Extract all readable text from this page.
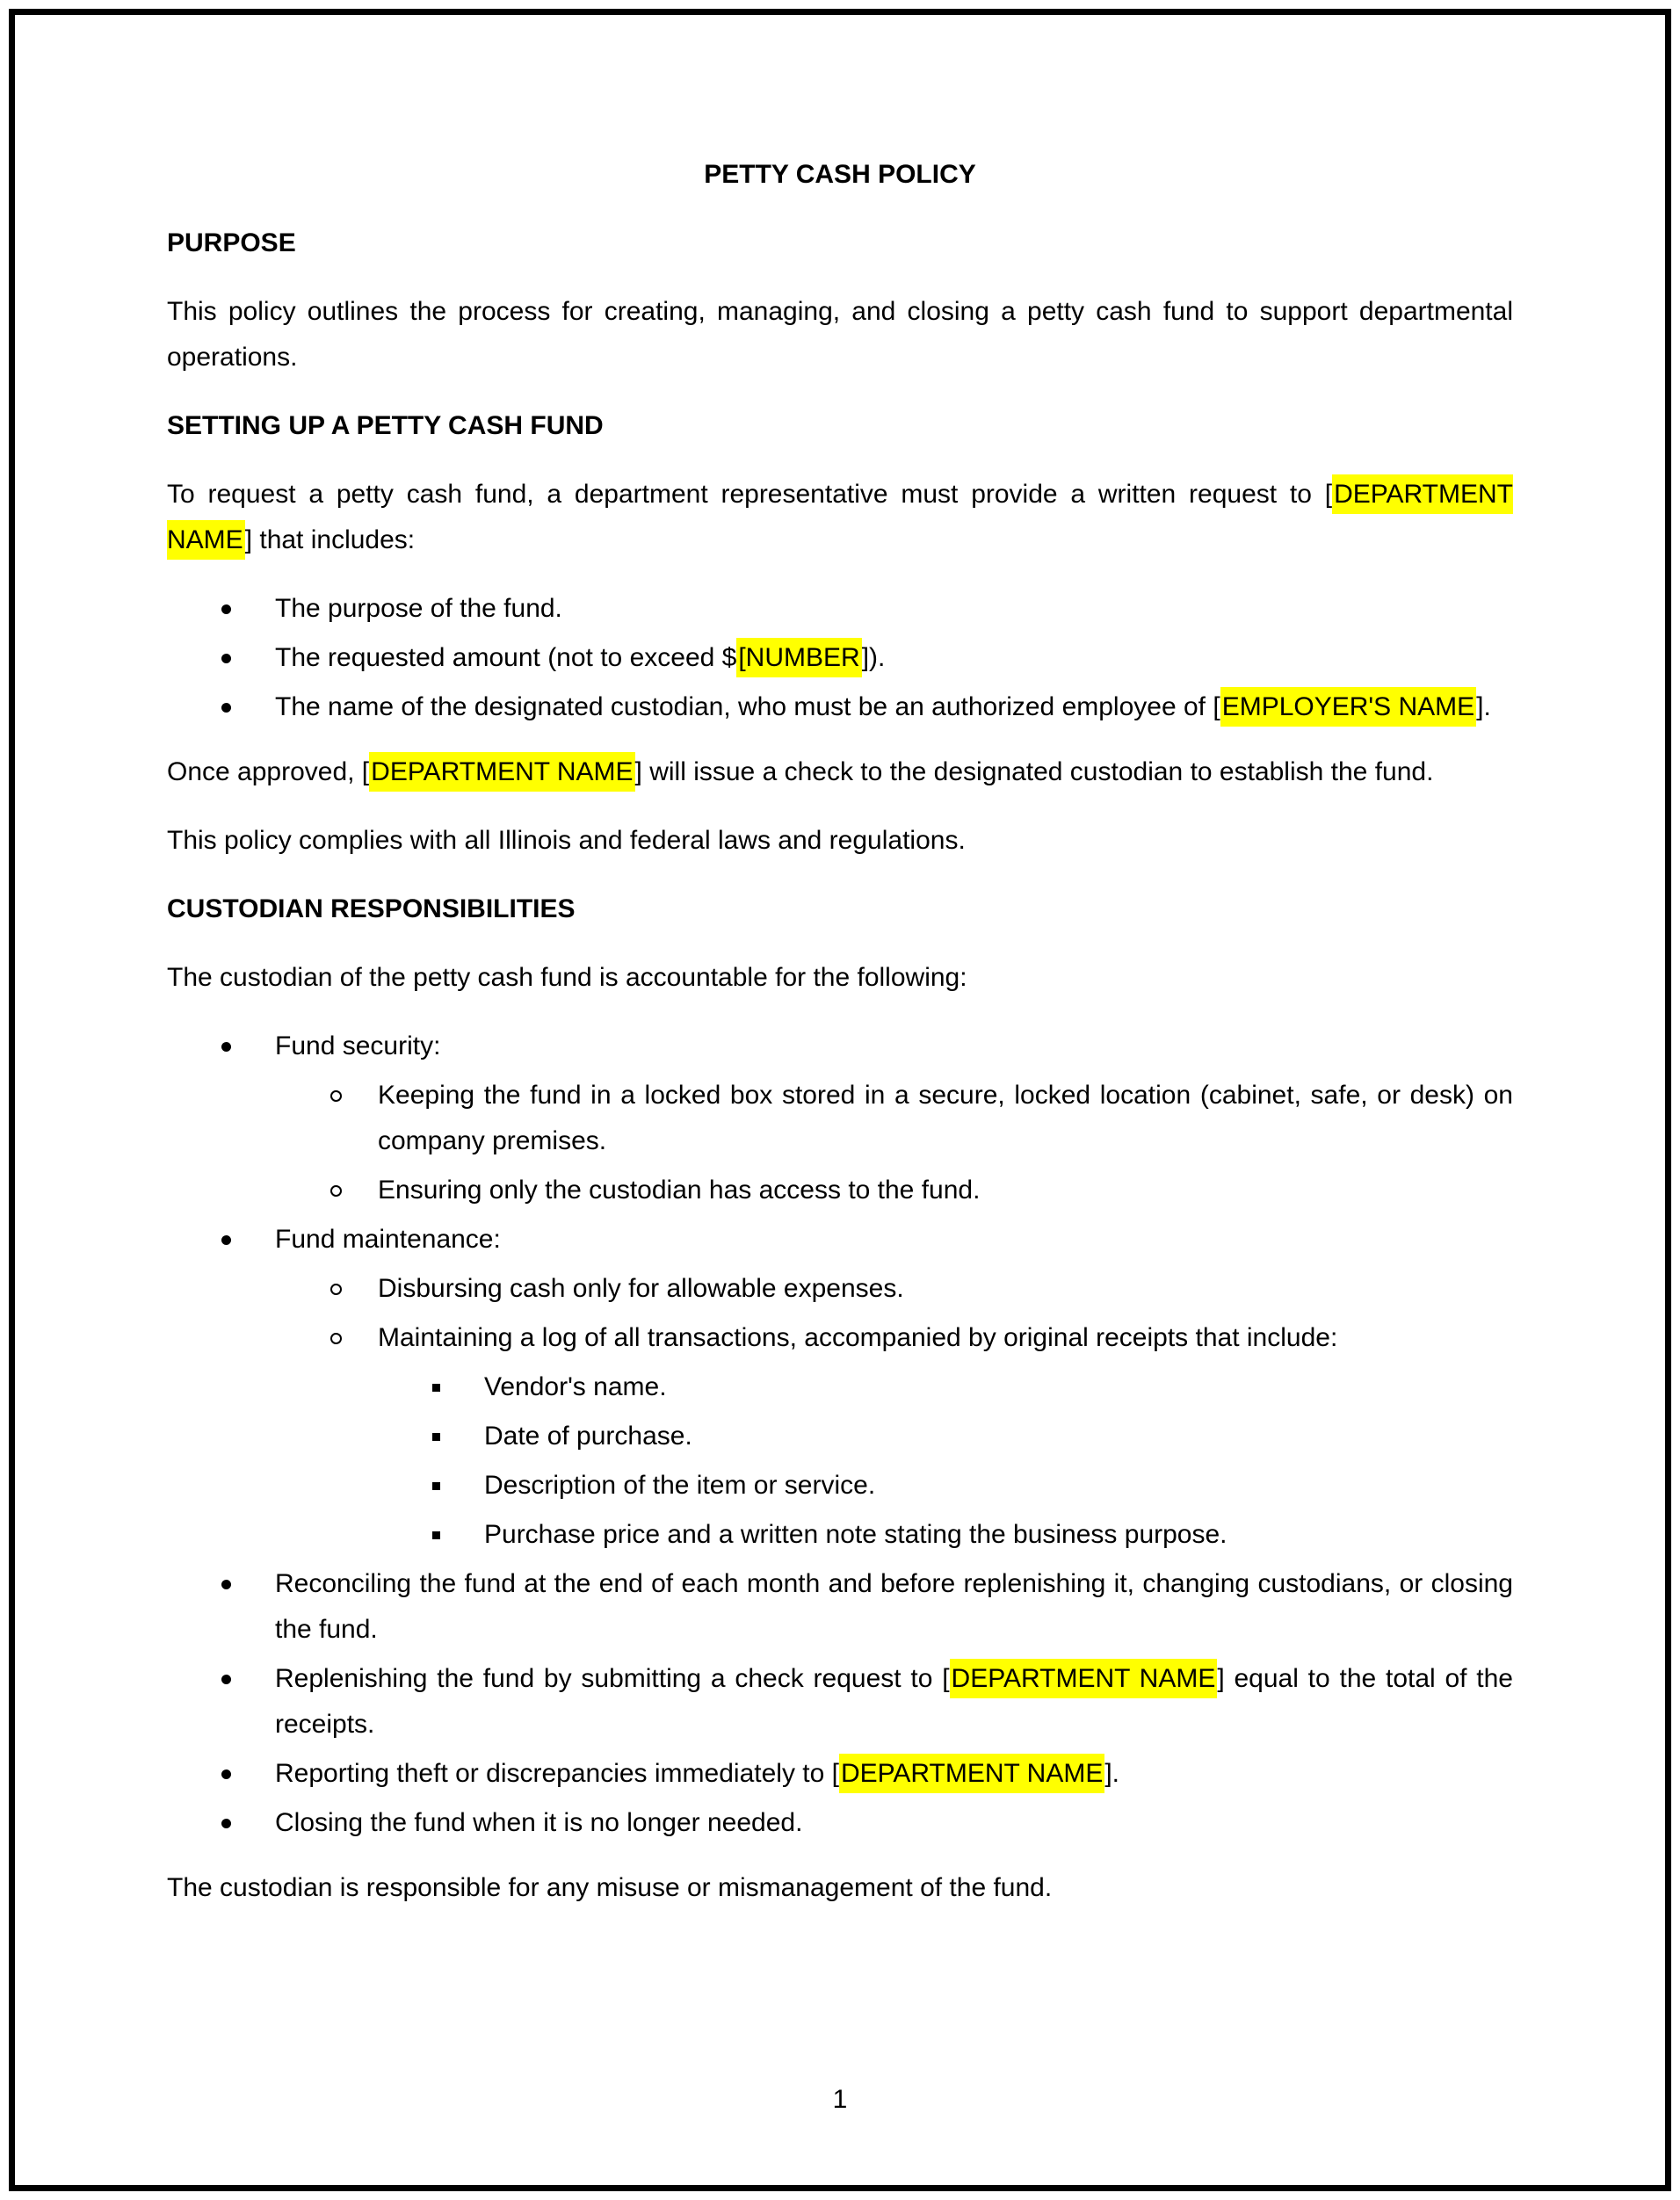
PETTY CASH POLICY
PURPOSE

This policy outlines the process for creating, managing, and closing a petty cash fund to support departmental operations.

SETTING UP A PETTY CASH FUND

To request a petty cash fund, a department representative must provide a written request to [DEPARTMENT NAME] that includes:

The purpose of the fund.
The requested amount (not to exceed $[NUMBER]).
The name of the designated custodian, who must be an authorized employee of [EMPLOYER'S NAME].

Once approved, [DEPARTMENT NAME] will issue a check to the designated custodian to establish the fund.

This policy complies with all Illinois and federal laws and regulations.

CUSTODIAN RESPONSIBILITIES

The custodian of the petty cash fund is accountable for the following:

Fund security:
Keeping the fund in a locked box stored in a secure, locked location (cabinet, safe, or desk) on company premises.
Ensuring only the custodian has access to the fund.
Fund maintenance:
Disbursing cash only for allowable expenses.
Maintaining a log of all transactions, accompanied by original receipts that include:
Vendor's name.
Date of purchase.
Description of the item or service.
Purchase price and a written note stating the business purpose.
Reconciling the fund at the end of each month and before replenishing it, changing custodians, or closing the fund.
Replenishing the fund by submitting a check request to [DEPARTMENT NAME] equal to the total of the receipts.
Reporting theft or discrepancies immediately to [DEPARTMENT NAME].
Closing the fund when it is no longer needed.

The custodian is responsible for any misuse or mismanagement of the fund.

1
